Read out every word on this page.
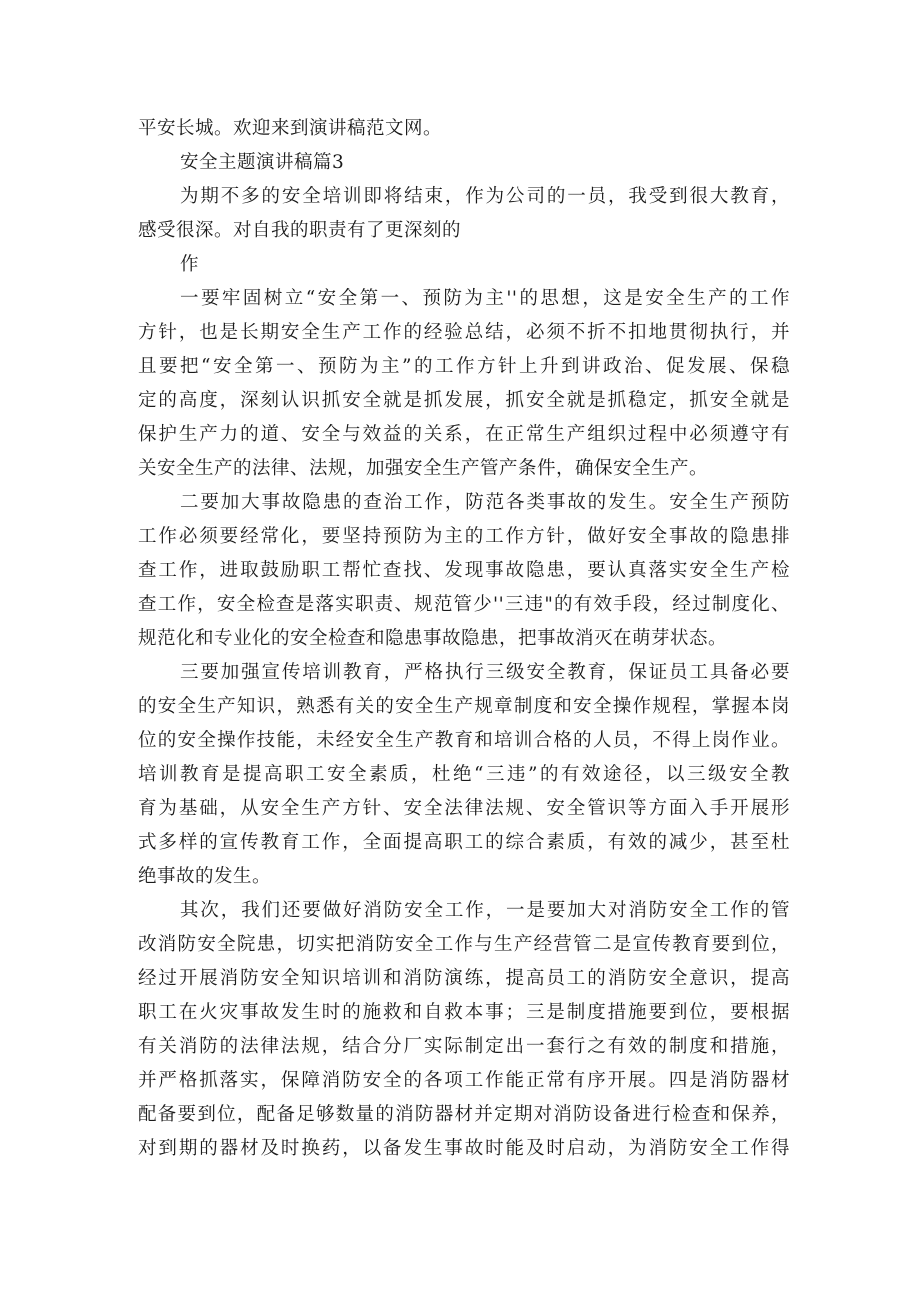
平安长城。欢迎来到演讲稿范文网。
安全主题演讲稿篇3
为期不多的安全培训即将结束，作为公司的一员，我受到很大教育，
感受很深。对自我的职责有了更深刻的
作
一要牢固树立“安全第一、预防为主''的思想，这是安全生产的工作
方针，也是长期安全生产工作的经验总结，必须不折不扣地贯彻执行，并
且要把“安全第一、预防为主”的工作方针上升到讲政治、促发展、保稳
定的高度，深刻认识抓安全就是抓发展，抓安全就是抓稳定，抓安全就是
保护生产力的道、安全与效益的关系，在正常生产组织过程中必须遵守有
关安全生产的法律、法规，加强安全生产管产条件，确保安全生产。
二要加大事故隐患的查治工作，防范各类事故的发生。安全生产预防
工作必须要经常化，要坚持预防为主的工作方针，做好安全事故的隐患排
查工作，进取鼓励职工帮忙查找、发现事故隐患，要认真落实安全生产检
查工作，安全检查是落实职责、规范管少''三违"的有效手段，经过制度化、
规范化和专业化的安全检查和隐患事故隐患，把事故消灭在萌芽状态。
三要加强宣传培训教育，严格执行三级安全教育，保证员工具备必要
的安全生产知识，熟悉有关的安全生产规章制度和安全操作规程，掌握本岗
位的安全操作技能，未经安全生产教育和培训合格的人员，不得上岗作业。
培训教育是提高职工安全素质，杜绝“三违”的有效途径，以三级安全教
育为基础，从安全生产方针、安全法律法规、安全管识等方面入手开展形
式多样的宣传教育工作，全面提高职工的综合素质，有效的减少，甚至杜
绝事故的发生。
其次，我们还要做好消防安全工作，一是要加大对消防安全工作的管
改消防安全院患，切实把消防安全工作与生产经营管二是宣传教育要到位，
经过开展消防安全知识培训和消防演练，提高员工的消防安全意识，提高
职工在火灾事故发生时的施救和自救本事；三是制度措施要到位，要根据
有关消防的法律法规，结合分厂实际制定出一套行之有效的制度和措施，
并严格抓落实，保障消防安全的各项工作能正常有序开展。四是消防器材
配备要到位，配备足够数量的消防器材并定期对消防设备进行检查和保养，
对到期的器材及时换药，以备发生事故时能及时启动，为消防安全工作得
